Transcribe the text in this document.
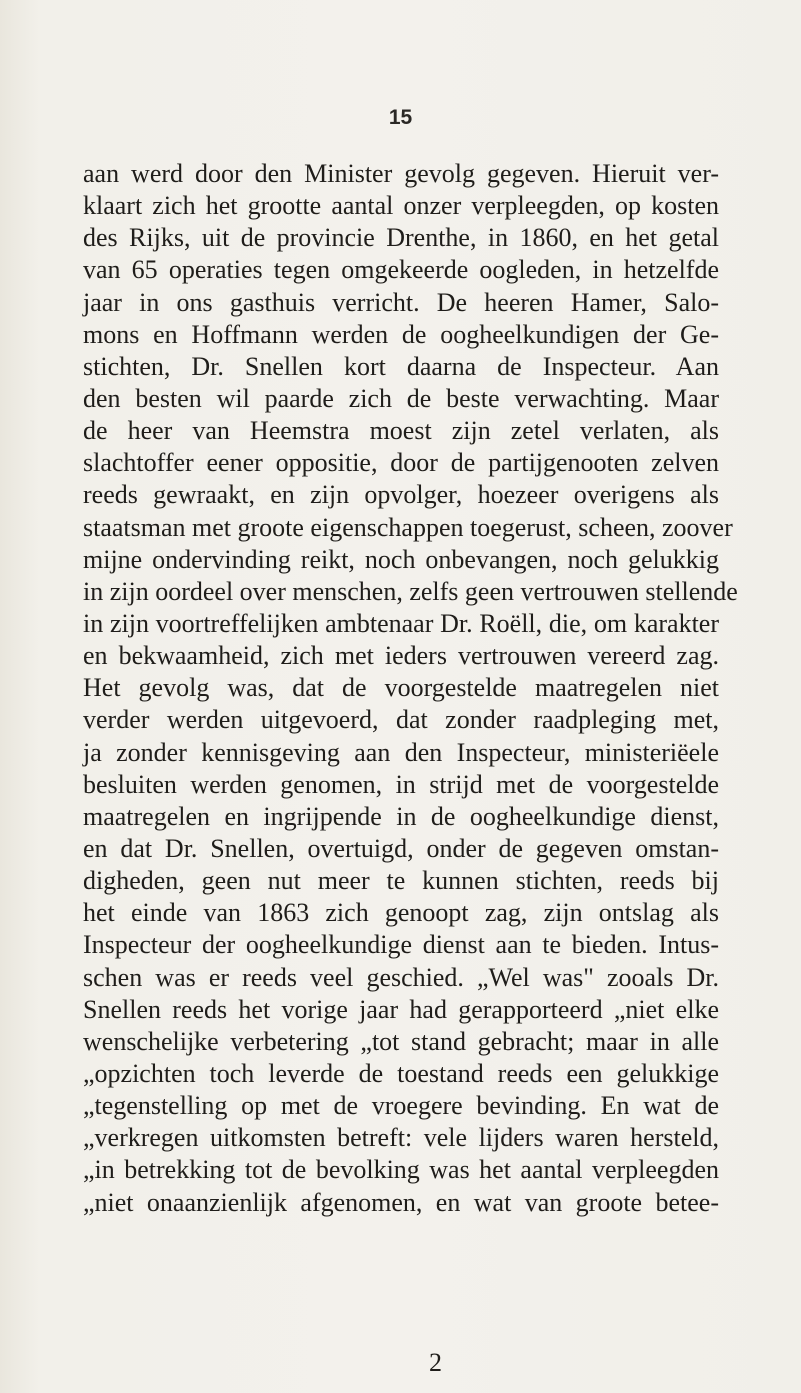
15

aan werd door den Minister gevolg gegeven. Hieruit ver-
klaart zich het grootte aantal onzer verpleegden, op kosten
des Rijks, uit de provincie Drenthe, in 1860, en het getal
van 65 operaties tegen omgekeerde oogleden, in hetzelfde
jaar in ons gasthuis verricht. De heeren Hamer, Salo-
mons en Hoffmann werden de oogheelkundigen der Ge-
stichten, Dr. Snellen kort daarna de Inspecteur. Aan
den besten wil paarde zich de beste verwachting. Maar
de heer van Heemstra moest zijn zetel verlaten, als
slachtoffer eener oppositie, door de partijgenooten zelven
reeds gewraakt, en zijn opvolger, hoezeer overigens als
staatsman met groote eigenschappen toegerust, scheen, zoover
mijne ondervinding reikt, noch onbevangen, noch gelukkig
in zijn oordeel over menschen, zelfs geen vertrouwen stellende
in zijn voortreffelijken ambtenaar Dr. Roëll, die, om karakter
en bekwaamheid, zich met ieders vertrouwen vereerd zag.
Het gevolg was, dat de voorgestelde maatregelen niet
verder werden uitgevoerd, dat zonder raadpleging met,
ja zonder kennisgeving aan den Inspecteur, ministeriëele
besluiten werden genomen, in strijd met de voorgestelde
maatregelen en ingrijpende in de oogheelkundige dienst,
en dat Dr. Snellen, overtuigd, onder de gegeven omstan-
digheden, geen nut meer te kunnen stichten, reeds bij
het einde van 1863 zich genoopt zag, zijn ontslag als
Inspecteur der oogheelkundige dienst aan te bieden. Intus-
schen was er reeds veel geschied. „Wel was" zooals Dr.
Snellen reeds het vorige jaar had gerapporteerd „niet elke
wenschelijke verbetering „tot stand gebracht; maar in alle
„opzichten toch leverde de toestand reeds een gelukkige
„tegenstelling op met de vroegere bevinding. En wat de
„verkregen uitkomsten betreft: vele lijders waren hersteld,
„in betrekking tot de bevolking was het aantal verpleegden
„niet onaanzienlijk afgenomen, en wat van groote betee-
2
